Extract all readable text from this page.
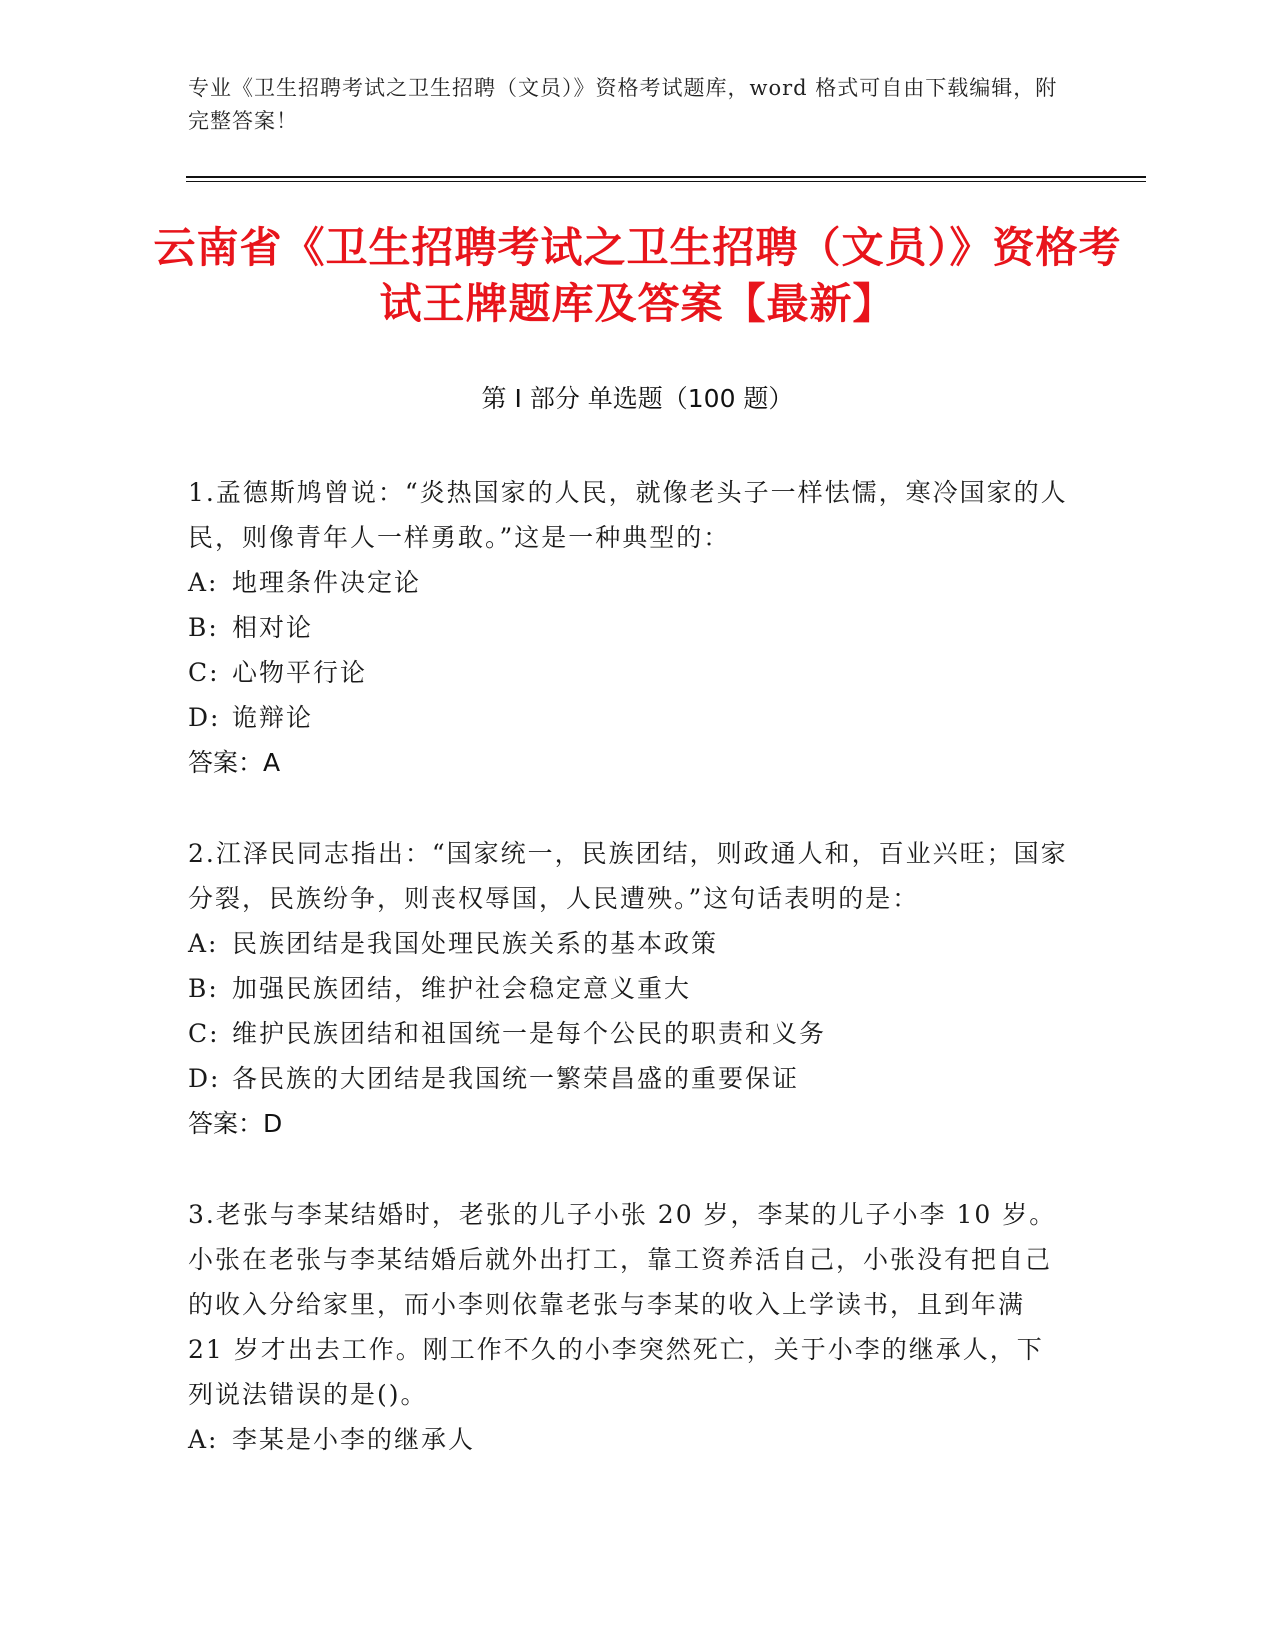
专业《卫生招聘考试之卫生招聘（文员）》资格考试题库，word 格式可自由下载编辑，附完整答案！
云南省《卫生招聘考试之卫生招聘（文员）》资格考试王牌题库及答案【最新】
第 I 部分 单选题（100 题）

1.孟德斯鸠曾说：“炎热国家的人民，就像老头子一样怯懦，寒冷国家的人民，则像青年人一样勇敢。”这是一种典型的：

A: 地理条件决定论

B: 相对论

C: 心物平行论

D: 诡辩论

答案：A

2.江泽民同志指出：“国家统一，民族团结，则政通人和，百业兴旺；国家分裂，民族纷争，则丧权辱国，人民遭殃。”这句话表明的是：

A: 民族团结是我国处理民族关系的基本政策

B: 加强民族团结，维护社会稳定意义重大

C: 维护民族团结和祖国统一是每个公民的职责和义务

D: 各民族的大团结是我国统一繁荣昌盛的重要保证

答案：D

3.老张与李某结婚时，老张的儿子小张 20 岁，李某的儿子小李 10 岁。小张在老张与李某结婚后就外出打工，靠工资养活自己，小张没有把自己的收入分给家里，而小李则依靠老张与李某的收入上学读书，且到年满 21 岁才出去工作。刚工作不久的小李突然死亡，关于小李的继承人，下列说法错误的是()。

A: 李某是小李的继承人
